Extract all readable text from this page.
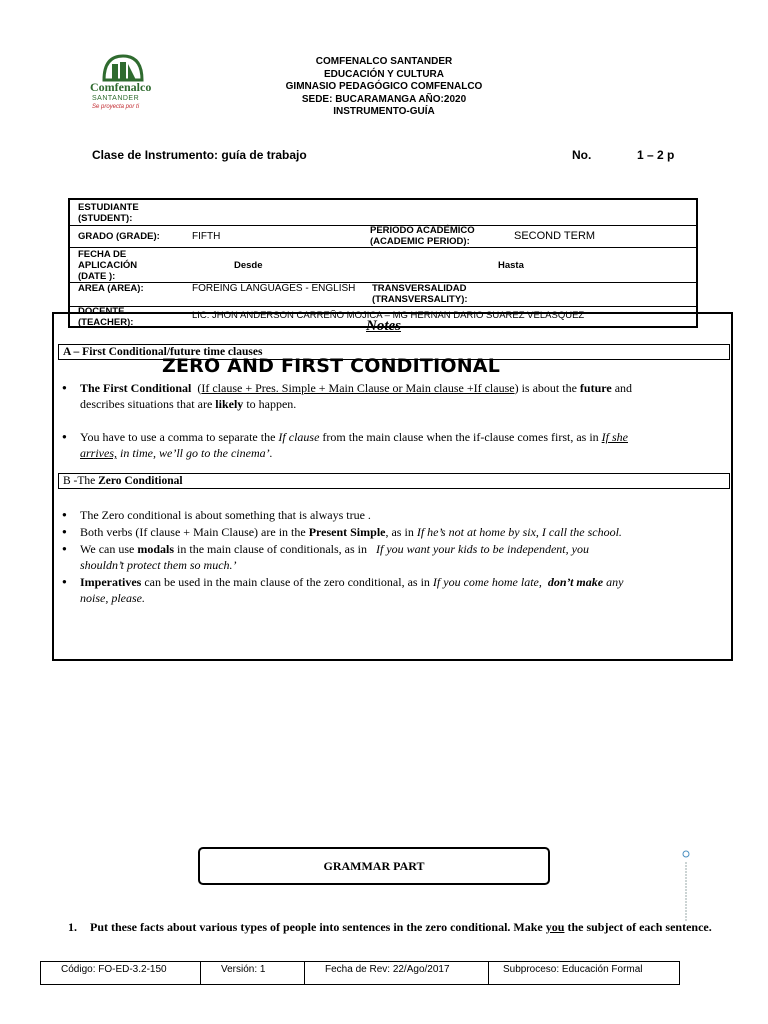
Comfenalco
SANTANDER
Se proyecta por ti
COMFENALCO SANTANDER
EDUCACIÓN Y CULTURA
GIMNASIO PEDAGÓGICO COMFENALCO
SEDE: BUCARAMANGA AÑO:2020
INSTRUMENTO-GUÍA
Clase de Instrumento: guía de trabajo	No.	1 – 2 p
ESTUDIANTE (STUDENT):
GRADO (GRADE):	FIFTH
PERIODO ACADÉMICO (ACADEMIC PERIOD):	SECOND TERM
FECHA DE APLICACIÓN (DATE ):
Desde	Hasta
AREA (AREA):	FOREING LANGUAGES - ENGLISH	TRANSVERSALIDAD (TRANSVERSALITY):
DOCENTE (TEACHER):
LIC. JHON ANDERSON CARREÑO MOJICA – MG HERNAN DARIO SUAREZ VELASQUEZ
Notes
ZERO AND FIRST CONDITIONAL
A – First Conditional/future time clauses
● The First Conditional  (If clause + Pres. Simple + Main Clause or Main clause +If clause) is about the future and
describes situations that are likely to happen.
● You have to use a comma to separate the If clause from the main clause when the if-clause comes first, as in If she
arrives, in time, we’ll go to the cinema’.
B -The Zero Conditional
● The Zero conditional is about something that is always true .
● Both verbs (If clause + Main Clause) are in the Present Simple, as in If he’s not at home by six, I call the school.
● We can use modals in the main clause of conditionals, as in If you want your kids to be independent, you
shouldn’t protect them so much.’
● Imperatives can be used in the main clause of the zero conditional, as in If you come home late, don’t make any
noise, please.
GRAMMAR PART
1. Put these facts about various types of people into sentences in the zero conditional. Make you the subject of each sentence.
Código: FO-ED-3.2-150	Versión: 1	Fecha de Rev: 22/Ago/2017	Subproceso: Educación Formal
